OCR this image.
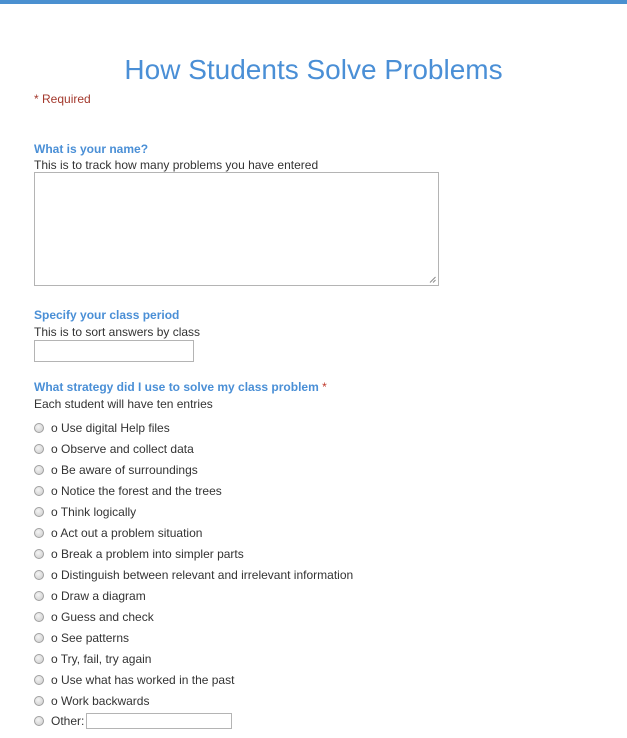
How Students Solve Problems
* Required
What is your name?
This is to track how many problems you have entered
Specify your class period
This is to sort answers by class
What strategy did I use to solve my class problem *
Each student will have ten entries
o Use digital Help files
o Observe and collect data
o Be aware of surroundings
o Notice the forest and the trees
o Think logically
o Act out a problem situation
o Break a problem into simpler parts
o Distinguish between relevant and irrelevant information
o Draw a diagram
o Guess and check
o See patterns
o Try, fail, try again
o Use what has worked in the past
o Work backwards
Other:
